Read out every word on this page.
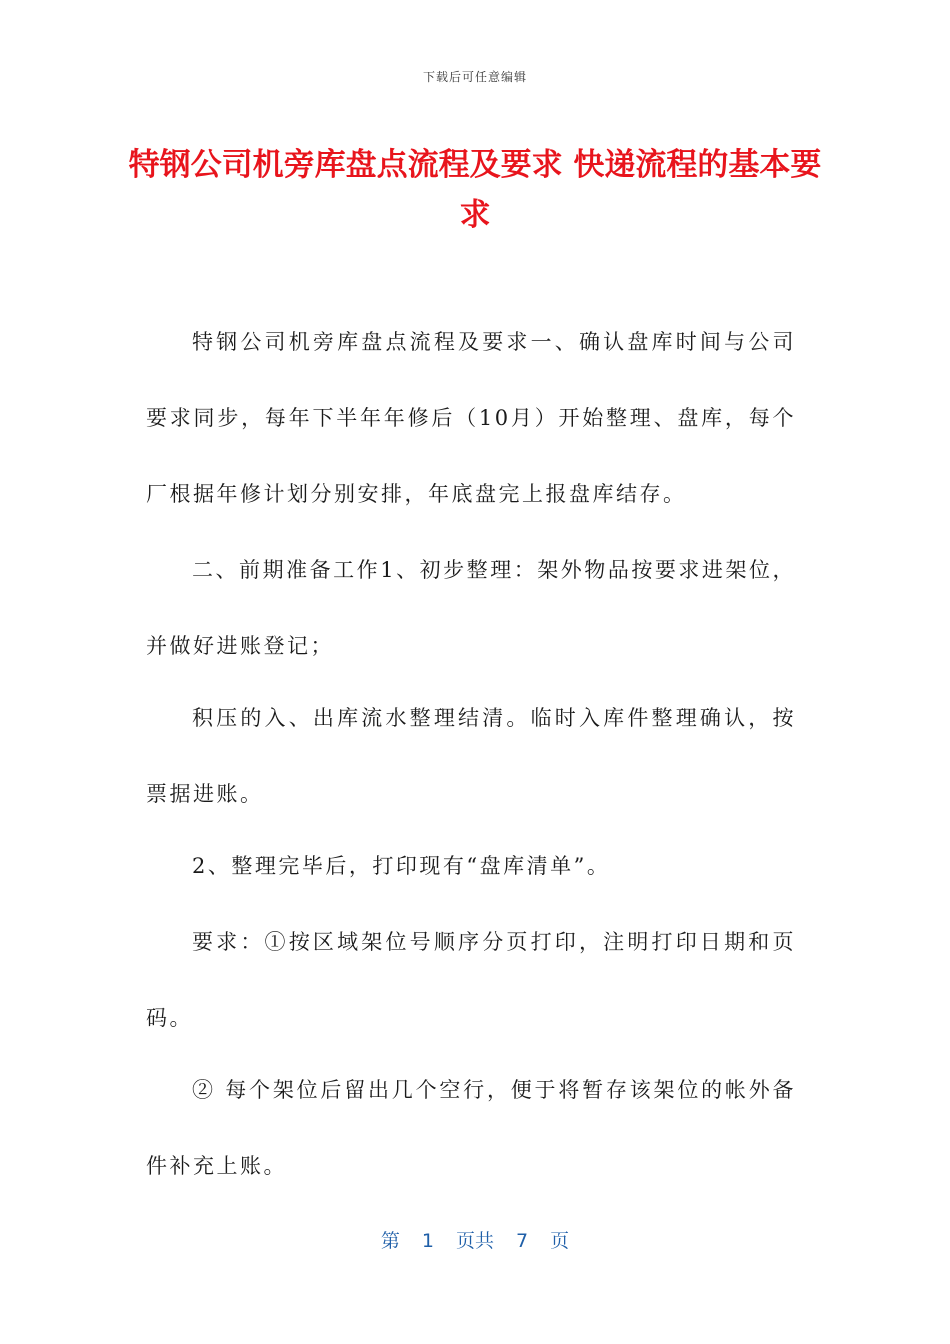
下载后可任意编辑
特钢公司机旁库盘点流程及要求 快递流程的基本要求

特钢公司机旁库盘点流程及要求一、确认盘库时间与公司要求同步，每年下半年年修后（10月）开始整理、盘库，每个厂根据年修计划分别安排，年底盘完上报盘库结存。

二、前期准备工作1、初步整理：架外物品按要求进架位，并做好进账登记；

积压的入、出库流水整理结清。临时入库件整理确认，按票据进账。

2、整理完毕后，打印现有“盘库清单”。

要求：①按区域架位号顺序分页打印，注明打印日期和页码。

② 每个架位后留出几个空行，便于将暂存该架位的帐外备件补充上账。

第 1 页共 7 页
